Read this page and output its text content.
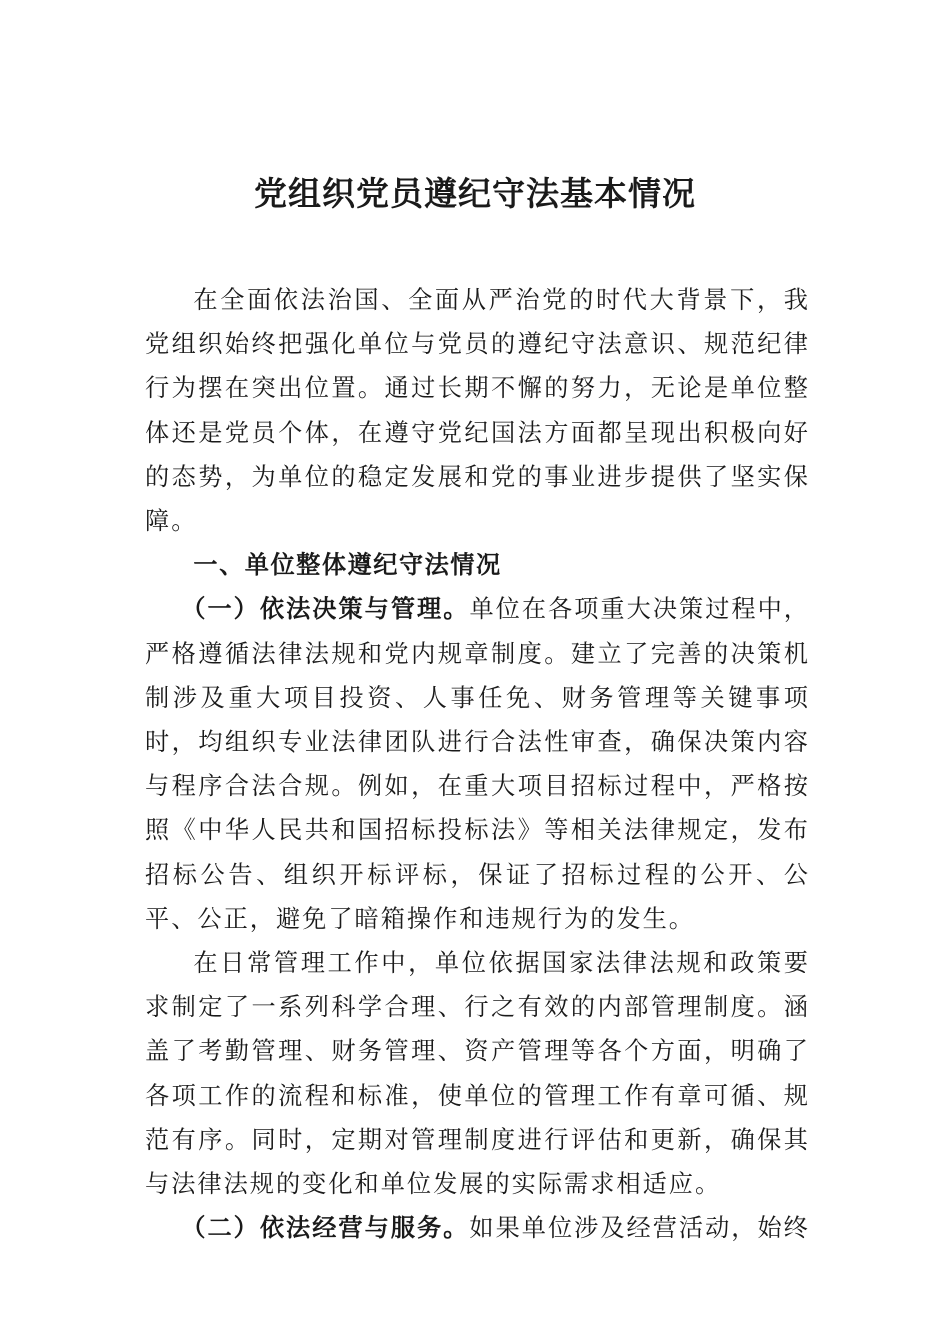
党组织党员遵纪守法基本情况

在全面依法治国、全面从严治党的时代大背景下，我党组织始终把强化单位与党员的遵纪守法意识、规范纪律行为摆在突出位置。通过长期不懈的努力，无论是单位整体还是党员个体，在遵守党纪国法方面都呈现出积极向好的态势，为单位的稳定发展和党的事业进步提供了坚实保障。

一、单位整体遵纪守法情况

（一）依法决策与管理。单位在各项重大决策过程中，严格遵循法律法规和党内规章制度。建立了完善的决策机制涉及重大项目投资、人事任免、财务管理等关键事项时，均组织专业法律团队进行合法性审查，确保决策内容与程序合法合规。例如，在重大项目招标过程中，严格按照《中华人民共和国招标投标法》等相关法律规定，发布招标公告、组织开标评标，保证了招标过程的公开、公平、公正，避免了暗箱操作和违规行为的发生。

在日常管理工作中，单位依据国家法律法规和政策要求制定了一系列科学合理、行之有效的内部管理制度。涵盖了考勤管理、财务管理、资产管理等各个方面，明确了各项工作的流程和标准，使单位的管理工作有章可循、规范有序。同时，定期对管理制度进行评估和更新，确保其与法律法规的变化和单位发展的实际需求相适应。

（二）依法经营与服务。如果单位涉及经营活动，始终
